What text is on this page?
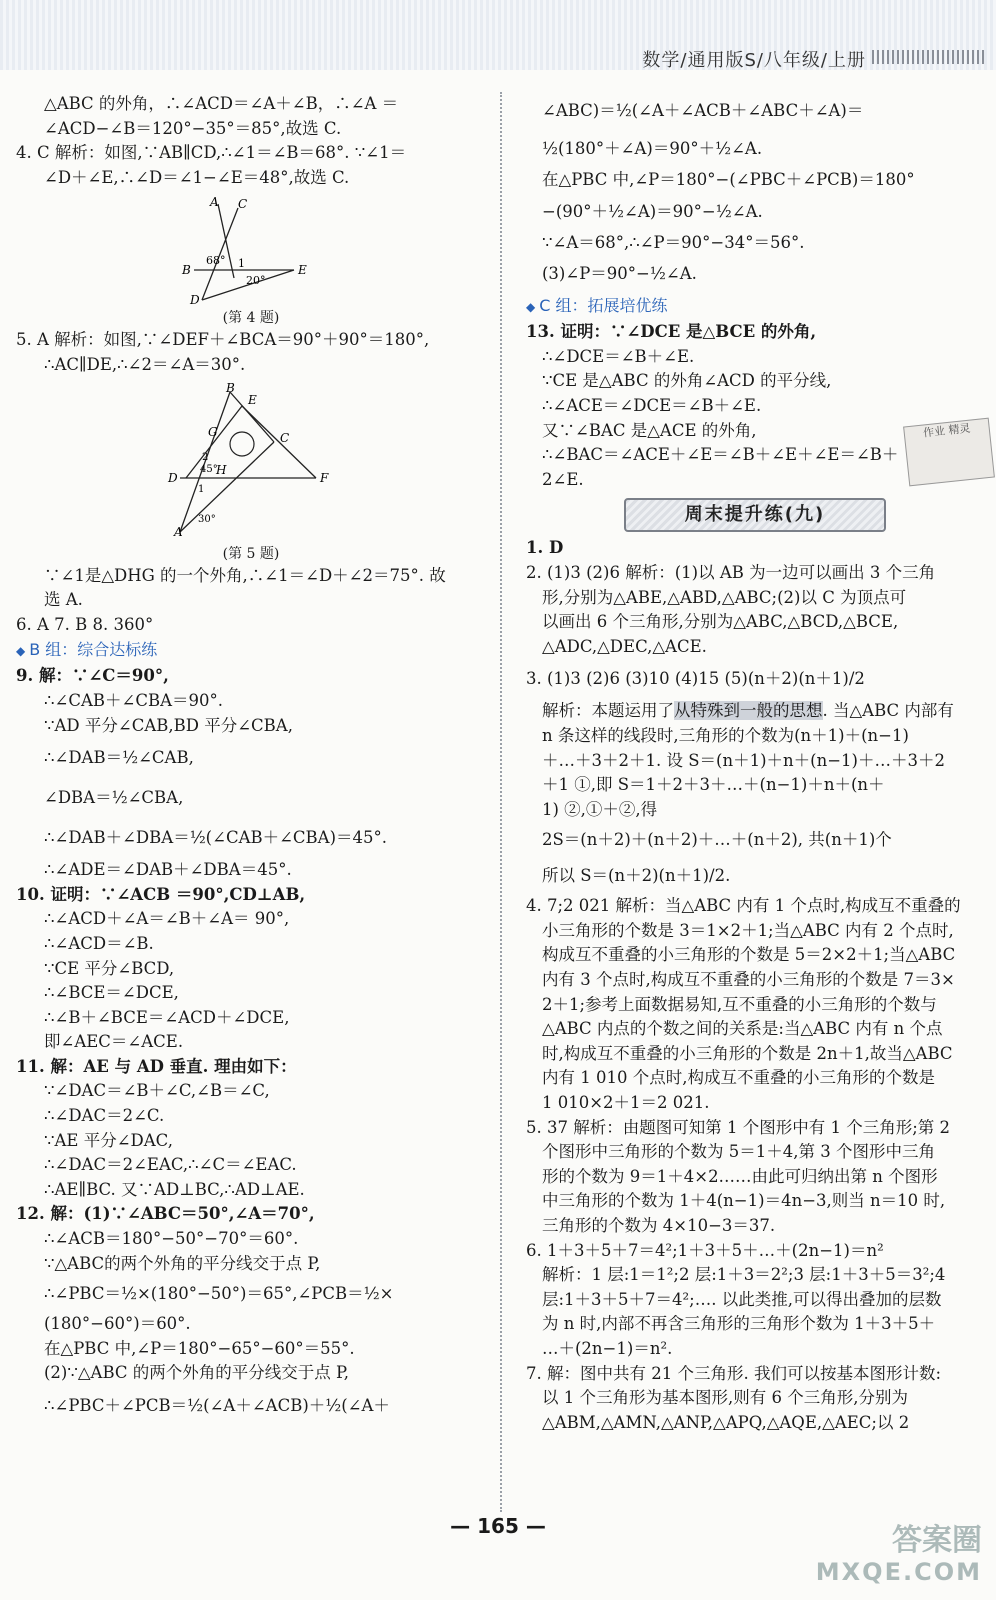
数学/通用版S/八年级/上册
△ABC 的外角，∴∠ACD＝∠A＋∠B，∴∠A ＝
∠ACD−∠B＝120°−35°＝85°,故选 C.
4. C 解析：如图,∵AB∥CD,∴∠1＝∠B＝68°. ∵∠1＝
∠D＋∠E,∴∠D＝∠1−∠E＝48°,故选 C.
A C
B	E
D
68° 1
20°
(第 4 题)
5. A 解析：如图,∵∠DEF＋∠BCA＝90°＋90°＝180°,
∴AC∥DE,∴∠2＝∠A＝30°.
B
E
G	C
D
H
F
A
2
45°
1
30°
(第 5 题)
∵∠1是△DHG 的一个外角,∴∠1＝∠D＋∠2＝75°. 故
选 A.
6. A 7. B 8. 360°
◆ B 组：综合达标练
9. 解：∵∠C＝90°,
∴∠CAB＋∠CBA＝90°.
∵AD 平分∠CAB,BD 平分∠CBA,
∴∠DAB＝½∠CAB,
∠DBA＝½∠CBA,
∴∠DAB＋∠DBA＝½(∠CAB＋∠CBA)＝45°.
∴∠ADE＝∠DAB＋∠DBA＝45°.
10. 证明：∵∠ACB ＝90°,CD⊥AB,
∴∠ACD＋∠A＝∠B＋∠A＝ 90°,
∴∠ACD＝∠B.
∵CE 平分∠BCD,
∴∠BCE＝∠DCE,
∴∠B＋∠BCE＝∠ACD＋∠DCE,
即∠AEC＝∠ACE.
11. 解：AE 与 AD 垂直. 理由如下：
∵∠DAC＝∠B＋∠C,∠B＝∠C,
∴∠DAC＝2∠C.
∵AE 平分∠DAC,
∴∠DAC＝2∠EAC,∴∠C＝∠EAC.
∴AE∥BC. 又∵AD⊥BC,∴AD⊥AE.
12. 解：(1)∵∠ABC＝50°,∠A＝70°,
∴∠ACB＝180°−50°−70°＝60°.
∵△ABC的两个外角的平分线交于点 P,
∴∠PBC＝½×(180°−50°)＝65°,∠PCB＝½×
(180°−60°)＝60°.
在△PBC 中,∠P＝180°−65°−60°＝55°.
(2)∵△ABC 的两个外角的平分线交于点 P,
∴∠PBC＋∠PCB＝½(∠A＋∠ACB)＋½(∠A＋
∠ABC)＝½(∠A＋∠ACB＋∠ABC＋∠A)＝
½(180°＋∠A)＝90°＋½∠A.
在△PBC 中,∠P＝180°−(∠PBC＋∠PCB)＝180°
−(90°＋½∠A)＝90°−½∠A.
∵∠A＝68°,∴∠P＝90°−34°＝56°.
(3)∠P＝90°−½∠A.
◆ C 组：拓展培优练
13. 证明：∵∠DCE 是△BCE 的外角,
∴∠DCE＝∠B＋∠E.
∵CE 是△ABC 的外角∠ACD 的平分线,
∴∠ACE＝∠DCE＝∠B＋∠E.
又∵∠BAC 是△ACE 的外角,
∴∠BAC＝∠ACE＋∠E＝∠B＋∠E＋∠E＝∠B＋
2∠E.
作业 精灵
周末提升练(九)
1. D
2. (1)3 (2)6 解析：(1)以 AB 为一边可以画出 3 个三角
形,分别为△ABE,△ABD,△ABC;(2)以 C 为顶点可
以画出 6 个三角形,分别为△ABC,△BCD,△BCE,
△ADC,△DEC,△ACE.
3. (1)3 (2)6 (3)10 (4)15 (5)(n＋2)(n＋1)/2
解析：本题运用了从特殊到一般的思想. 当△ABC 内部有
n 条这样的线段时,三角形的个数为(n＋1)＋(n−1)
＋…＋3＋2＋1. 设 S＝(n＋1)＋n＋(n−1)＋…＋3＋2
＋1 ①,即 S＝1＋2＋3＋…＋(n−1)＋n＋(n＋
1) ②,①＋②,得
2S＝(n＋2)＋(n＋2)＋…＋(n＋2), 共(n＋1)个
所以 S＝(n＋2)(n＋1)/2.
4. 7;2 021 解析：当△ABC 内有 1 个点时,构成互不重叠的
小三角形的个数是 3＝1×2＋1;当△ABC 内有 2 个点时,
构成互不重叠的小三角形的个数是 5＝2×2＋1;当△ABC
内有 3 个点时,构成互不重叠的小三角形的个数是 7＝3×
2＋1;参考上面数据易知,互不重叠的小三角形的个数与
△ABC 内点的个数之间的关系是:当△ABC 内有 n 个点
时,构成互不重叠的小三角形的个数是 2n＋1,故当△ABC
内有 1 010 个点时,构成互不重叠的小三角形的个数是
1 010×2＋1＝2 021.
5. 37 解析：由题图可知第 1 个图形中有 1 个三角形;第 2
个图形中三角形的个数为 5＝1＋4,第 3 个图形中三角
形的个数为 9＝1＋4×2……由此可归纳出第 n 个图形
中三角形的个数为 1＋4(n−1)＝4n−3,则当 n＝10 时,
三角形的个数为 4×10−3＝37.
6. 1＋3＋5＋7＝4²;1＋3＋5＋…＋(2n−1)＝n²
解析：1 层:1＝1²;2 层:1＋3＝2²;3 层:1＋3＋5＝3²;4
层:1＋3＋5＋7＝4²;…. 以此类推,可以得出叠加的层数
为 n 时,内部不再含三角形的三角形个数为 1＋3＋5＋
…＋(2n−1)＝n².
7. 解：图中共有 21 个三角形. 我们可以按基本图形计数:
以 1 个三角形为基本图形,则有 6 个三角形,分别为
△ABM,△AMN,△ANP,△APQ,△AQE,△AEC;以 2
— 165 —	答案圈
MXQE.COM
